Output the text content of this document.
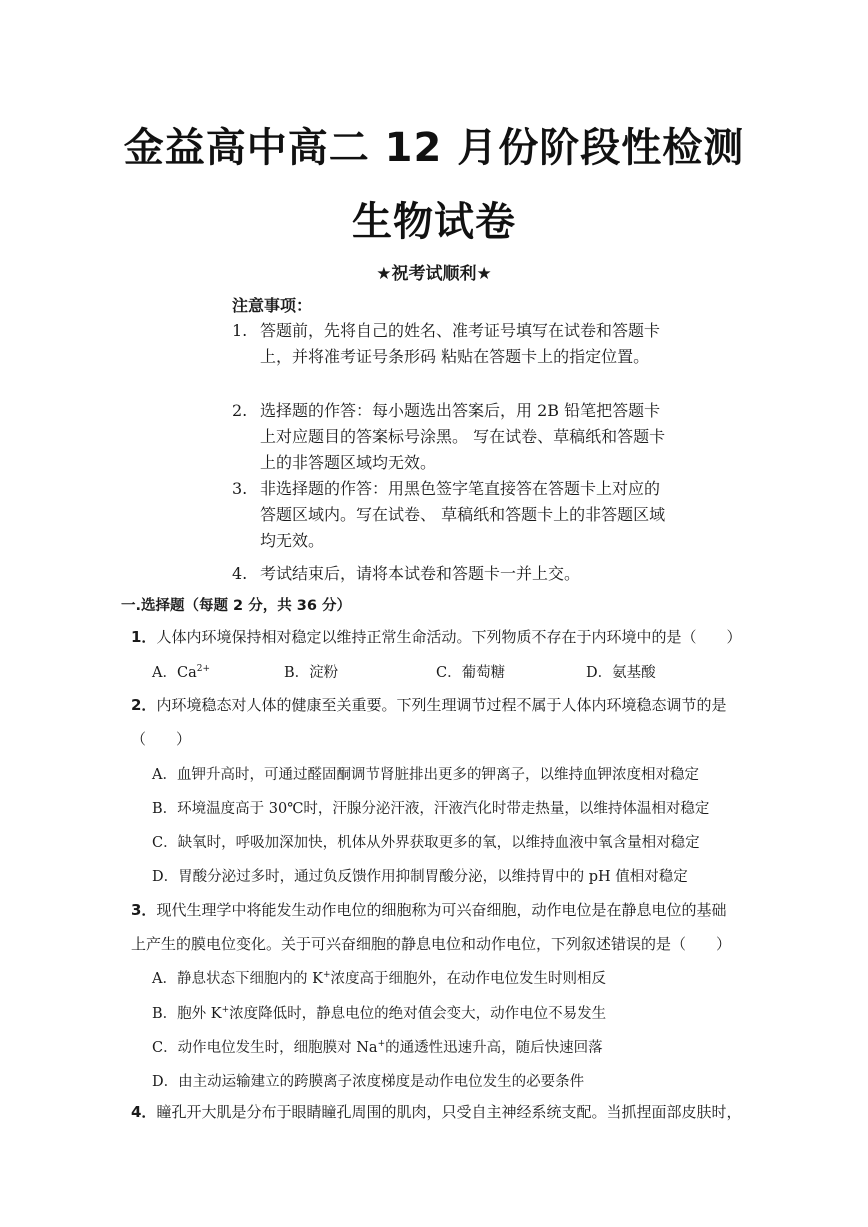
金益高中高二 12 月份阶段性检测
生物试卷
★祝考试顺利★
注意事项：
1. 答题前，先将自己的姓名、准考证号填写在试卷和答题卡上，并将准考证号条形码 粘贴在答题卡上的指定位置。
2. 选择题的作答：每小题选出答案后，用 2B 铅笔把答题卡上对应题目的答案标号涂黑。 写在试卷、草稿纸和答题卡上的非答题区域均无效。
3. 非选择题的作答：用黑色签字笔直接答在答题卡上对应的答题区域内。写在试卷、 草稿纸和答题卡上的非答题区域均无效。
4. 考试结束后，请将本试卷和答题卡一并上交。
一.选择题（每题 2 分，共 36 分）
1．人体内环境保持相对稳定以维持正常生命活动。下列物质不存在于内环境中的是（　　）
A．$Ca^{2+}$	B．淀粉	C．葡萄糖	D．氨基酸
2．内环境稳态对人体的健康至关重要。下列生理调节过程不属于人体内环境稳态调节的是
（　　）
A．血钾升高时，可通过醛固酮调节肾脏排出更多的钾离子，以维持血钾浓度相对稳定
B．环境温度高于 30℃时，汗腺分泌汗液，汗液汽化时带走热量，以维持体温相对稳定
C．缺氧时，呼吸加深加快，机体从外界获取更多的氧，以维持血液中氧含量相对稳定
D．胃酸分泌过多时，通过负反馈作用抑制胃酸分泌，以维持胃中的 pH 值相对稳定
3．现代生理学中将能发生动作电位的细胞称为可兴奋细胞，动作电位是在静息电位的基础
上产生的膜电位变化。关于可兴奋细胞的静息电位和动作电位，下列叙述错误的是（　　）
A．静息状态下细胞内的 K+浓度高于细胞外，在动作电位发生时则相反
B．胞外 K+浓度降低时，静息电位的绝对值会变大，动作电位不易发生
C．动作电位发生时，细胞膜对 Na+的通透性迅速升高，随后快速回落
D．由主动运输建立的跨膜离子浓度梯度是动作电位发生的必要条件
4．瞳孔开大肌是分布于眼睛瞳孔周围的肌肉，只受自主神经系统支配。当抓捏面部皮肤时，
